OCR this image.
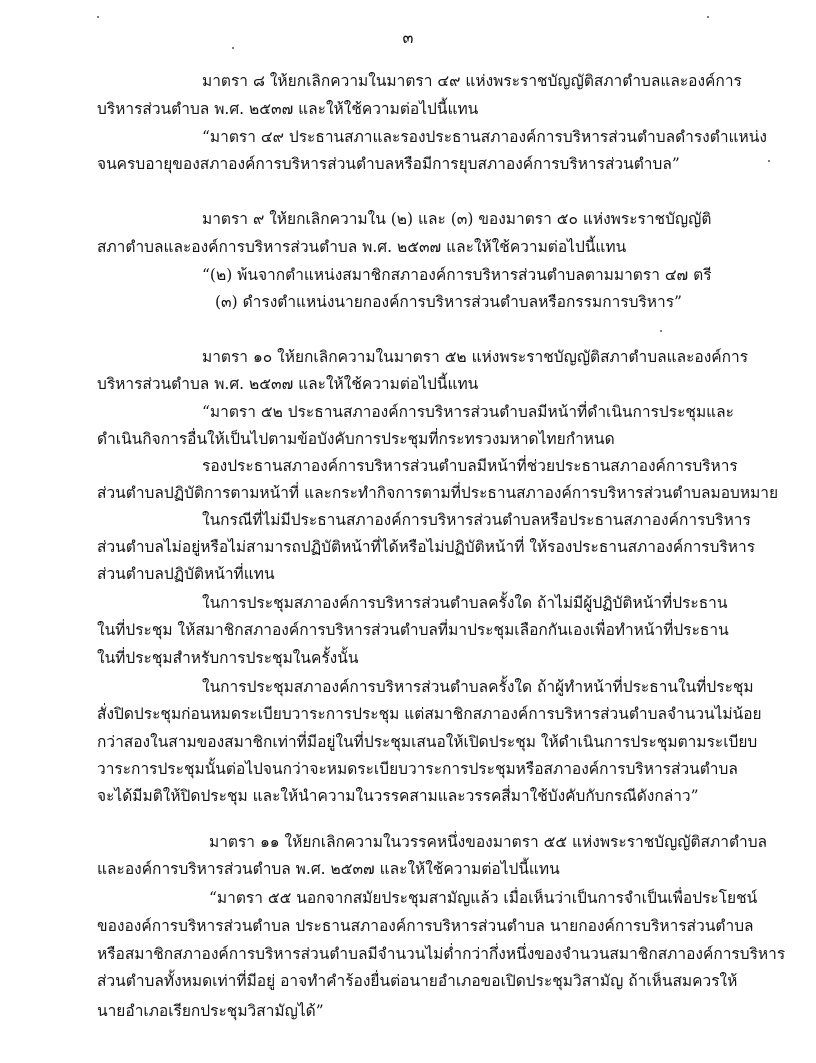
๓
มาตรา ๘ ให้ยกเลิกความในมาตรา ๔๙ แห่งพระราชบัญญัติสภาตำบลและองค์การ
บริหารส่วนตำบล พ.ศ. ๒๕๓๗ และให้ใช้ความต่อไปนี้แทน
“มาตรา ๔๙ ประธานสภาและรองประธานสภาองค์การบริหารส่วนตำบลดำรงตำแหน่ง
จนครบอายุของสภาองค์การบริหารส่วนตำบลหรือมีการยุบสภาองค์การบริหารส่วนตำบล”
มาตรา ๙ ให้ยกเลิกความใน (๒) และ (๓) ของมาตรา ๕๐ แห่งพระราชบัญญัติ
สภาตำบลและองค์การบริหารส่วนตำบล พ.ศ. ๒๕๓๗ และให้ใช้ความต่อไปนี้แทน
“(๒) พ้นจากตำแหน่งสมาชิกสภาองค์การบริหารส่วนตำบลตามมาตรา ๔๗ ตรี
(๓) ดำรงตำแหน่งนายกองค์การบริหารส่วนตำบลหรือกรรมการบริหาร”
มาตรา ๑๐ ให้ยกเลิกความในมาตรา ๕๒ แห่งพระราชบัญญัติสภาตำบลและองค์การ
บริหารส่วนตำบล พ.ศ. ๒๕๓๗ และให้ใช้ความต่อไปนี้แทน
“มาตรา ๕๒ ประธานสภาองค์การบริหารส่วนตำบลมีหน้าที่ดำเนินการประชุมและ
ดำเนินกิจการอื่นให้เป็นไปตามข้อบังคับการประชุมที่กระทรวงมหาดไทยกำหนด
รองประธานสภาองค์การบริหารส่วนตำบลมีหน้าที่ช่วยประธานสภาองค์การบริหาร
ส่วนตำบลปฏิบัติการตามหน้าที่ และกระทำกิจการตามที่ประธานสภาองค์การบริหารส่วนตำบลมอบหมาย
ในกรณีที่ไม่มีประธานสภาองค์การบริหารส่วนตำบลหรือประธานสภาองค์การบริหาร
ส่วนตำบลไม่อยู่หรือไม่สามารถปฏิบัติหน้าที่ได้หรือไม่ปฏิบัติหน้าที่ ให้รองประธานสภาองค์การบริหาร
ส่วนตำบลปฏิบัติหน้าที่แทน
ในการประชุมสภาองค์การบริหารส่วนตำบลครั้งใด ถ้าไม่มีผู้ปฏิบัติหน้าที่ประธาน
ในที่ประชุม ให้สมาชิกสภาองค์การบริหารส่วนตำบลที่มาประชุมเลือกกันเองเพื่อทำหน้าที่ประธาน
ในที่ประชุมสำหรับการประชุมในครั้งนั้น
ในการประชุมสภาองค์การบริหารส่วนตำบลครั้งใด ถ้าผู้ทำหน้าที่ประธานในที่ประชุม
สั่งปิดประชุมก่อนหมดระเบียบวาระการประชุม แต่สมาชิกสภาองค์การบริหารส่วนตำบลจำนวนไม่น้อย
กว่าสองในสามของสมาชิกเท่าที่มีอยู่ในที่ประชุมเสนอให้เปิดประชุม ให้ดำเนินการประชุมตามระเบียบ
วาระการประชุมนั้นต่อไปจนกว่าจะหมดระเบียบวาระการประชุมหรือสภาองค์การบริหารส่วนตำบล
จะได้มีมติให้ปิดประชุม และให้นำความในวรรคสามและวรรคสี่มาใช้บังคับกับกรณีดังกล่าว”
มาตรา ๑๑ ให้ยกเลิกความในวรรคหนึ่งของมาตรา ๕๕ แห่งพระราชบัญญัติสภาตำบล
และองค์การบริหารส่วนตำบล พ.ศ. ๒๕๓๗ และให้ใช้ความต่อไปนี้แทน
“มาตรา ๕๕ นอกจากสมัยประชุมสามัญแล้ว เมื่อเห็นว่าเป็นการจำเป็นเพื่อประโยชน์
ขององค์การบริหารส่วนตำบล ประธานสภาองค์การบริหารส่วนตำบล นายกองค์การบริหารส่วนตำบล
หรือสมาชิกสภาองค์การบริหารส่วนตำบลมีจำนวนไม่ต่ำกว่ากึ่งหนึ่งของจำนวนสมาชิกสภาองค์การบริหาร
ส่วนตำบลทั้งหมดเท่าที่มีอยู่ อาจทำคำร้องยื่นต่อนายอำเภอขอเปิดประชุมวิสามัญ ถ้าเห็นสมควรให้
นายอำเภอเรียกประชุมวิสามัญได้”
